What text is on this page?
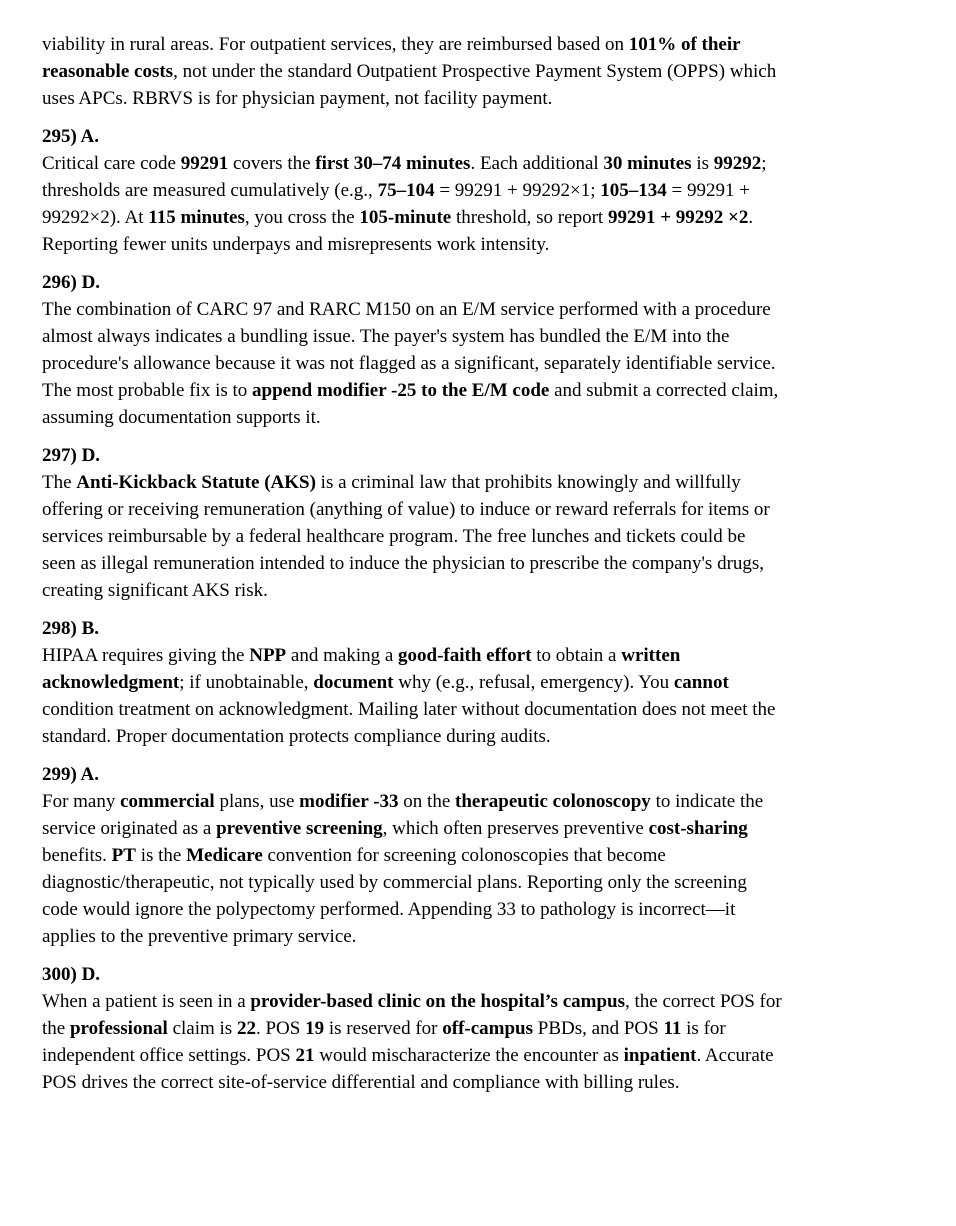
viability in rural areas. For outpatient services, they are reimbursed based on 101% of their
reasonable costs, not under the standard Outpatient Prospective Payment System (OPPS) which
uses APCs. RBRVS is for physician payment, not facility payment.
295) A.
Critical care code 99291 covers the first 30–74 minutes. Each additional 30 minutes is 99292;
thresholds are measured cumulatively (e.g., 75–104 = 99291 + 99292×1; 105–134 = 99291 +
99292×2). At 115 minutes, you cross the 105-minute threshold, so report 99291 + 99292 ×2.
Reporting fewer units underpays and misrepresents work intensity.
296) D.
The combination of CARC 97 and RARC M150 on an E/M service performed with a procedure
almost always indicates a bundling issue. The payer's system has bundled the E/M into the
procedure's allowance because it was not flagged as a significant, separately identifiable service.
The most probable fix is to append modifier -25 to the E/M code and submit a corrected claim,
assuming documentation supports it.
297) D.
The Anti-Kickback Statute (AKS) is a criminal law that prohibits knowingly and willfully
offering or receiving remuneration (anything of value) to induce or reward referrals for items or
services reimbursable by a federal healthcare program. The free lunches and tickets could be
seen as illegal remuneration intended to induce the physician to prescribe the company's drugs,
creating significant AKS risk.
298) B.
HIPAA requires giving the NPP and making a good-faith effort to obtain a written
acknowledgment; if unobtainable, document why (e.g., refusal, emergency). You cannot
condition treatment on acknowledgment. Mailing later without documentation does not meet the
standard. Proper documentation protects compliance during audits.
299) A.
For many commercial plans, use modifier -33 on the therapeutic colonoscopy to indicate the
service originated as a preventive screening, which often preserves preventive cost-sharing
benefits. PT is the Medicare convention for screening colonoscopies that become
diagnostic/therapeutic, not typically used by commercial plans. Reporting only the screening
code would ignore the polypectomy performed. Appending 33 to pathology is incorrect—it
applies to the preventive primary service.
300) D.
When a patient is seen in a provider-based clinic on the hospital’s campus, the correct POS for
the professional claim is 22. POS 19 is reserved for off-campus PBDs, and POS 11 is for
independent office settings. POS 21 would mischaracterize the encounter as inpatient. Accurate
POS drives the correct site-of-service differential and compliance with billing rules.
